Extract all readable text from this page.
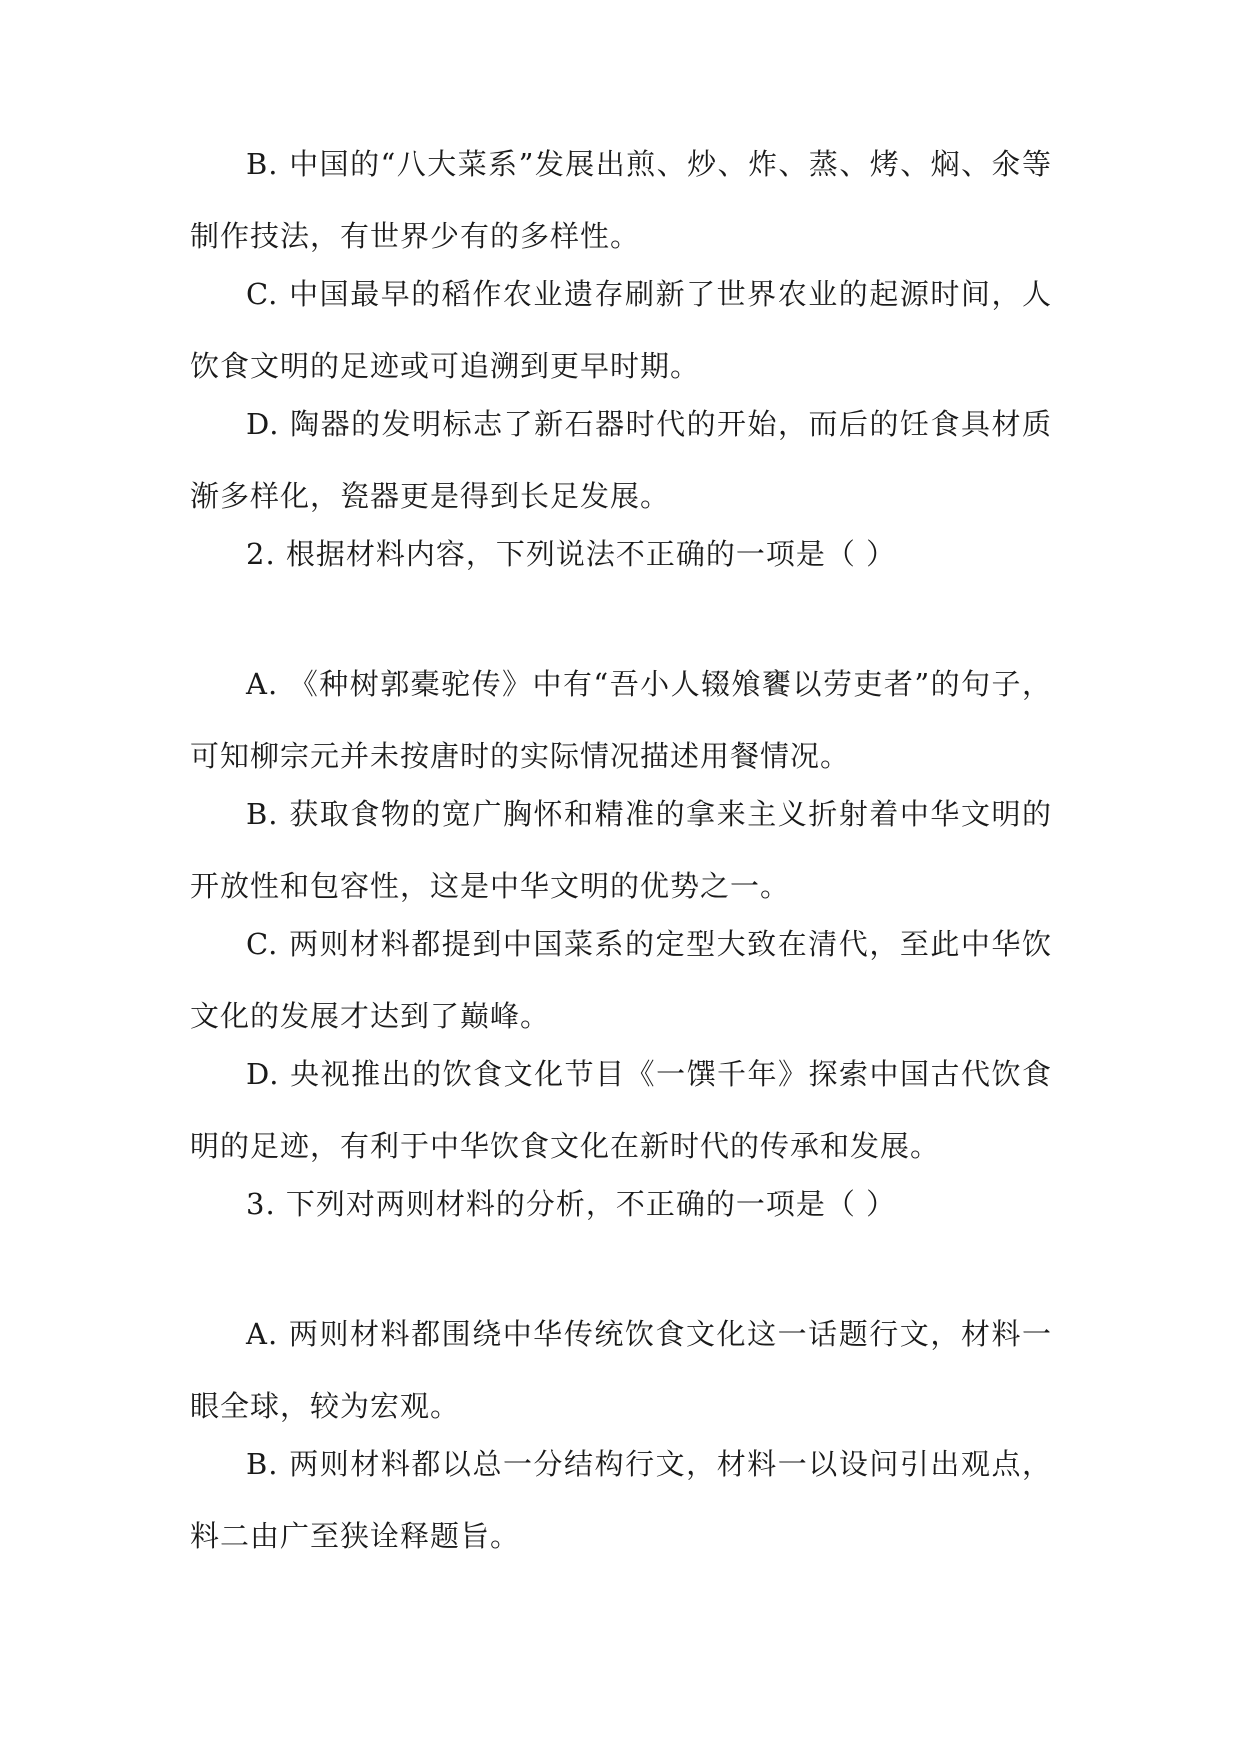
B. 中国的“八大菜系”发展出煎、炒、炸、蒸、烤、焖、氽等
制作技法，有世界少有的多样性。

C. 中国最早的稻作农业遗存刷新了世界农业的起源时间，人
饮食文明的足迹或可追溯到更早时期。

D. 陶器的发明标志了新石器时代的开始，而后的饪食具材质
渐多样化，瓷器更是得到长足发展。

2. 根据材料内容，下列说法不正确的一项是（ ）

A. 《种树郭橐驼传》中有“吾小人辍飧饔以劳吏者”的句子，
可知柳宗元并未按唐时的实际情况描述用餐情况。

B. 获取食物的宽广胸怀和精准的拿来主义折射着中华文明的
开放性和包容性，这是中华文明的优势之一。

C. 两则材料都提到中国菜系的定型大致在清代，至此中华饮
文化的发展才达到了巅峰。

D. 央视推出的饮食文化节目《一馔千年》探索中国古代饮食
明的足迹，有利于中华饮食文化在新时代的传承和发展。

3. 下列对两则材料的分析，不正确的一项是（ ）

A. 两则材料都围绕中华传统饮食文化这一话题行文，材料一
眼全球，较为宏观。

B. 两则材料都以总一分结构行文，材料一以设问引出观点，
料二由广至狭诠释题旨。
